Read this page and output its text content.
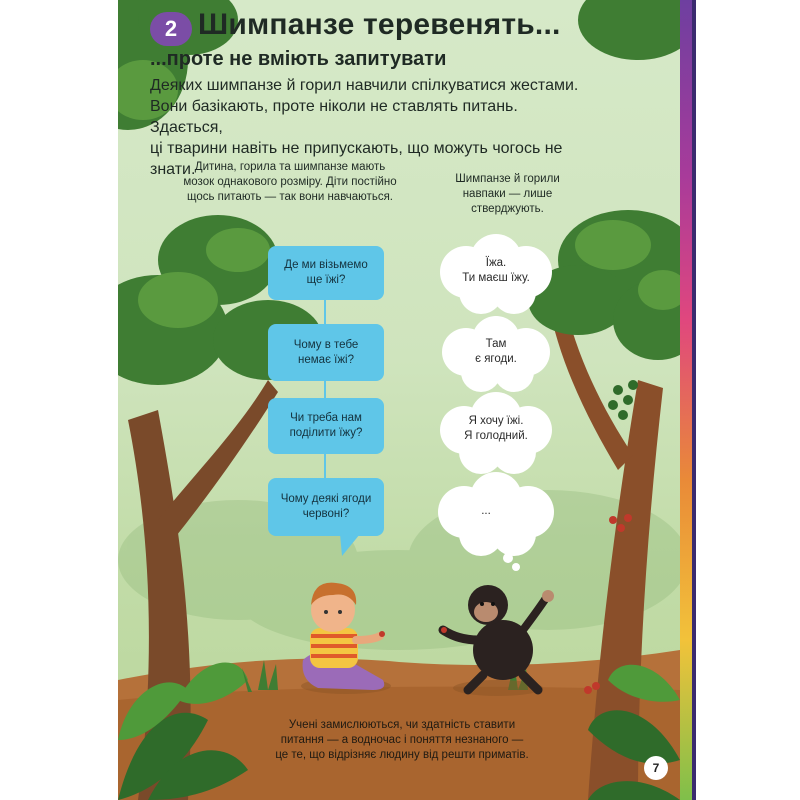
2 Шимпанзе теревенять...
...проте не вміють запитувати
Деяких шимпанзе й горил навчили спілкуватися жестами.
Вони базікають, проте ніколи не ставлять питань. Здається,
ці тварини навіть не припускають, що можуть чогось не знати. Дитина, горила та шимпанзе мають
мозок однакового розміру. Діти постійно
щось питають — так вони навчаються.
Шимпанзе й горили
навпаки — лише
стверджують.
Де ми візьмемо
ще їжі?
Чому в тебе
немає їжі?
Чи треба нам
поділити їжу?
Чому деякі ягоди
червоні?
Їжа.
Ти маєш їжу.
Там
є ягоди.
Я хочу їжі.
Я голодний.
...
Учені замислюються, чи здатність ставити
питання — а водночас і поняття незнаного —
це те, що відрізняє людину від решти приматів.
7
